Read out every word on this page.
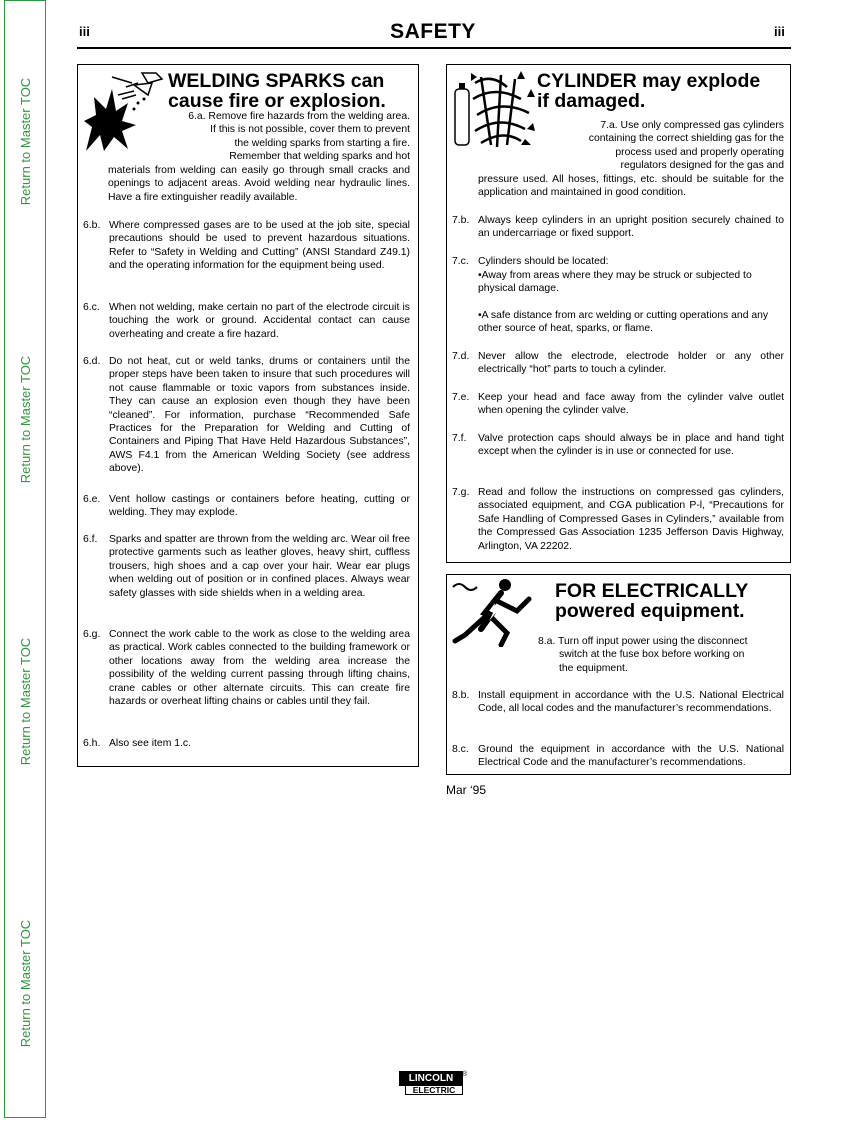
Return to Master TOC
Return to Master TOC
Return to Master TOC
Return to Master TOC
iii	SAFETY	iii
WELDING SPARKS can
cause fire or explosion.
6.a. Remove fire hazards from the welding area.
If this is not possible, cover them to prevent
the welding sparks from starting a fire.
Remember that welding sparks and hot
materials from welding can easily go through small cracks and openings to adjacent areas. Avoid welding near hydraulic lines. Have a fire extinguisher readily available.
6.b. Where compressed gases are to be used at the job site, special precautions should be used to prevent hazardous situations. Refer to “Safety in Welding and Cutting” (ANSI Standard Z49.1) and the operating information for the equipment being used.
6.c. When not welding, make certain no part of the electrode circuit is touching the work or ground. Accidental contact can cause overheating and create a fire hazard.
6.d. Do not heat, cut or weld tanks, drums or containers until the proper steps have been taken to insure that such procedures will not cause flammable or toxic vapors from substances inside. They can cause an explosion even though they have been “cleaned”. For information, purchase “Recommended Safe Practices for the Preparation for Welding and Cutting of Containers and Piping That Have Held Hazardous Substances”, AWS F4.1 from the American Welding Society (see address above).
6.e. Vent hollow castings or containers before heating, cutting or welding. They may explode.
6.f.	Sparks and spatter are thrown from the welding arc. Wear oil free protective garments such as leather gloves, heavy shirt, cuffless trousers, high shoes and a cap over your hair. Wear ear plugs when welding out of position or in confined places. Always wear safety glasses with side shields when in a welding area.
6.g. Connect the work cable to the work as close to the welding area as practical. Work cables connected to the building framework or other locations away from the welding area increase the possibility of the welding current passing through lifting chains, crane cables or other alternate circuits. This can create fire hazards or overheat lifting chains or cables until they fail.
6.h. Also see item 1.c.
CYLINDER may explode
if damaged.
7.a. Use only compressed gas cylinders
containing the correct shielding gas for the
process used and properly operating
regulators designed for the gas and
pressure used. All hoses, fittings, etc. should be suitable for the application and maintained in good condition.
7.b. Always keep cylinders in an upright position securely chained to an undercarriage or fixed support.
7.c. Cylinders should be located:
•Away from areas where they may be struck or subjected to physical damage.
•A safe distance from arc welding or cutting operations and any other source of heat, sparks, or flame.
7.d. Never allow the electrode, electrode holder or any other electrically “hot” parts to touch a cylinder.
7.e. Keep your head and face away from the cylinder valve outlet when opening the cylinder valve.
7.f.	Valve protection caps should always be in place and hand tight except when the cylinder is in use or connected for use.
7.g. Read and follow the instructions on compressed gas cylinders, associated equipment, and CGA publication P-l, “Precautions for Safe Handling of Compressed Gases in Cylinders,” available from the Compressed Gas Association 1235 Jefferson Davis Highway, Arlington, VA 22202.
FOR ELECTRICALLY
powered equipment.
8.a. Turn off input power using the disconnect
switch at the fuse box before working on
the equipment.
8.b. Install equipment in accordance with the U.S. National Electrical Code, all local codes and the manufacturer’s recommendations.
8.c. Ground the equipment in accordance with the U.S. National Electrical Code and the manufacturer’s recommendations.
Mar ‘95
LINCOLN
ELECTRIC
®
